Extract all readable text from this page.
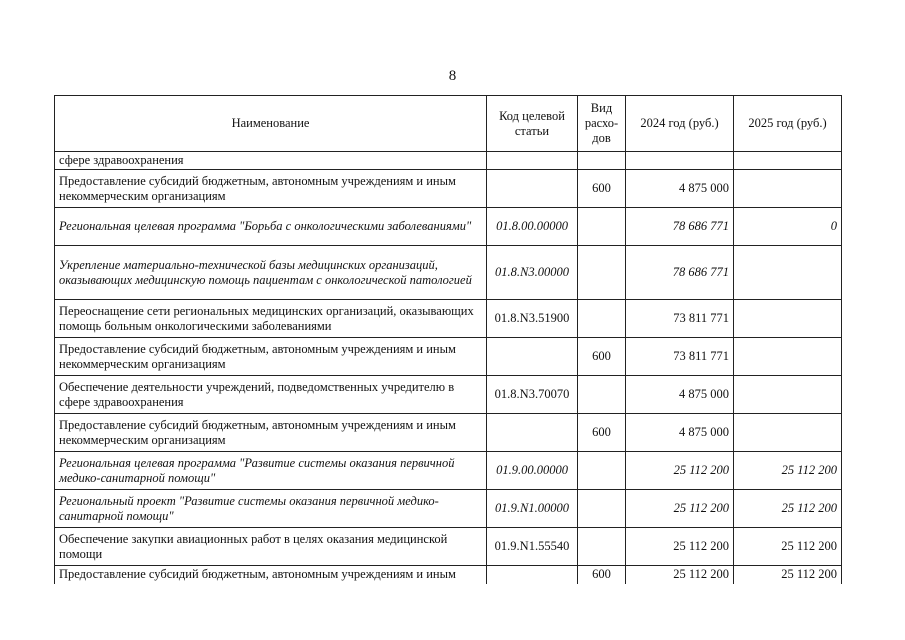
8
Наименование	Код целевой статьи	Вид расхо-дов	2024 год (руб.)	2025 год (руб.)
сфере здравоохранения				
Предоставление субсидий бюджетным, автономным учреждениям и иным некоммерческим организациям		600	4 875 000	
Региональная целевая программа "Борьба с онкологическими заболеваниями"	01.8.00.00000		78 686 771	0
Укрепление материально-технической базы медицинских организаций, оказывающих медицинскую помощь пациентам с онкологической патологией	01.8.N3.00000		78 686 771	
Переоснащение сети региональных медицинских организаций, оказывающих помощь больным онкологическими заболеваниями	01.8.N3.51900		73 811 771	
Предоставление субсидий бюджетным, автономным учреждениям и иным некоммерческим организациям		600	73 811 771	
Обеспечение деятельности учреждений, подведомственных учредителю в сфере здравоохранения	01.8.N3.70070		4 875 000	
Предоставление субсидий бюджетным, автономным учреждениям и иным некоммерческим организациям		600	4 875 000	
Региональная целевая программа "Развитие системы оказания первичной медико-санитарной помощи"	01.9.00.00000		25 112 200	25 112 200
Региональный проект "Развитие системы оказания первичной медико-санитарной помощи"	01.9.N1.00000		25 112 200	25 112 200
Обеспечение закупки авиационных работ в целях оказания медицинской помощи	01.9.N1.55540		25 112 200	25 112 200
Предоставление субсидий бюджетным, автономным учреждениям и иным		600	25 112 200	25 112 200
